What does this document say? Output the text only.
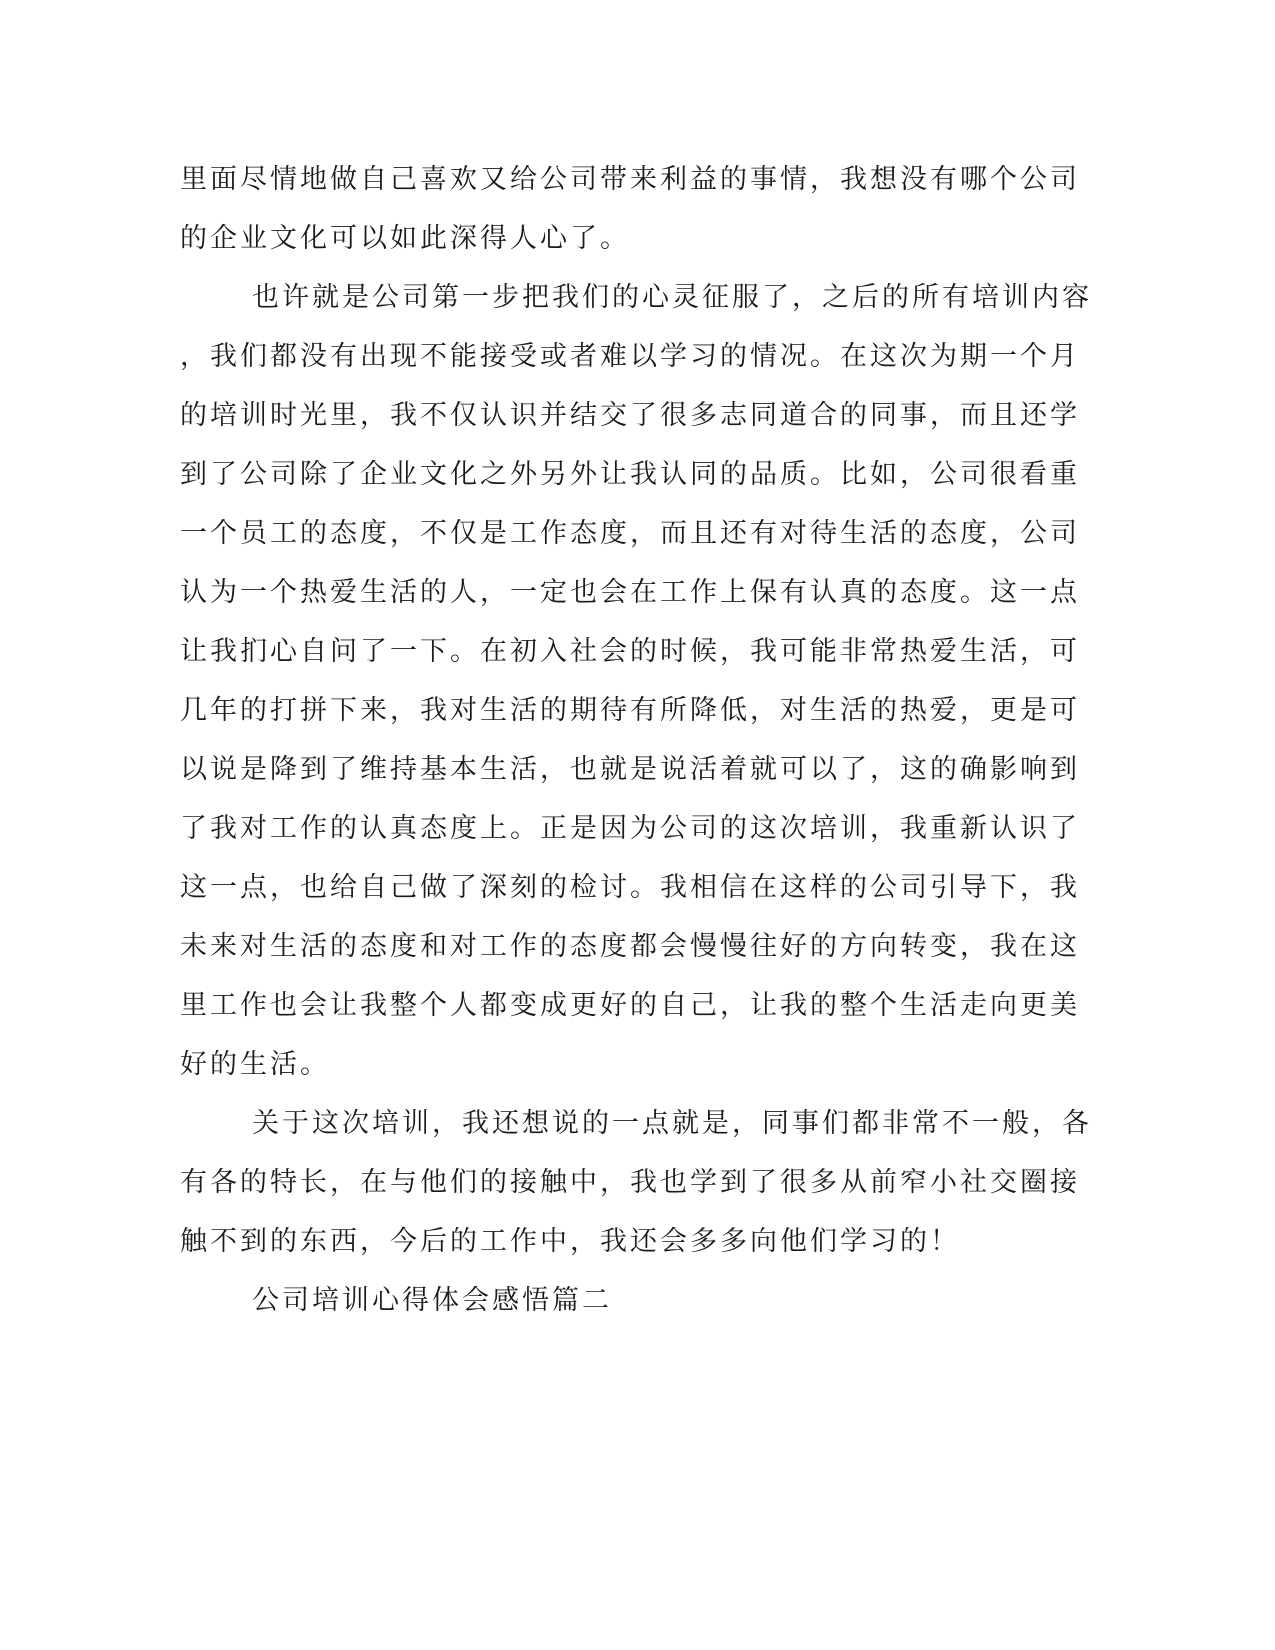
里面尽情地做自己喜欢又给公司带来利益的事情，我想没有哪个公司

的企业文化可以如此深得人心了。

也许就是公司第一步把我们的心灵征服了，之后的所有培训内容

，我们都没有出现不能接受或者难以学习的情况。在这次为期一个月

的培训时光里，我不仅认识并结交了很多志同道合的同事，而且还学

到了公司除了企业文化之外另外让我认同的品质。比如，公司很看重

一个员工的态度，不仅是工作态度，而且还有对待生活的态度，公司

认为一个热爱生活的人，一定也会在工作上保有认真的态度。这一点

让我扪心自问了一下。在初入社会的时候，我可能非常热爱生活，可

几年的打拼下来，我对生活的期待有所降低，对生活的热爱，更是可

以说是降到了维持基本生活，也就是说活着就可以了，这的确影响到

了我对工作的认真态度上。正是因为公司的这次培训，我重新认识了

这一点，也给自己做了深刻的检讨。我相信在这样的公司引导下，我

未来对生活的态度和对工作的态度都会慢慢往好的方向转变，我在这

里工作也会让我整个人都变成更好的自己，让我的整个生活走向更美

好的生活。

关于这次培训，我还想说的一点就是，同事们都非常不一般，各

有各的特长，在与他们的接触中，我也学到了很多从前窄小社交圈接

触不到的东西，今后的工作中，我还会多多向他们学习的！

公司培训心得体会感悟篇二
